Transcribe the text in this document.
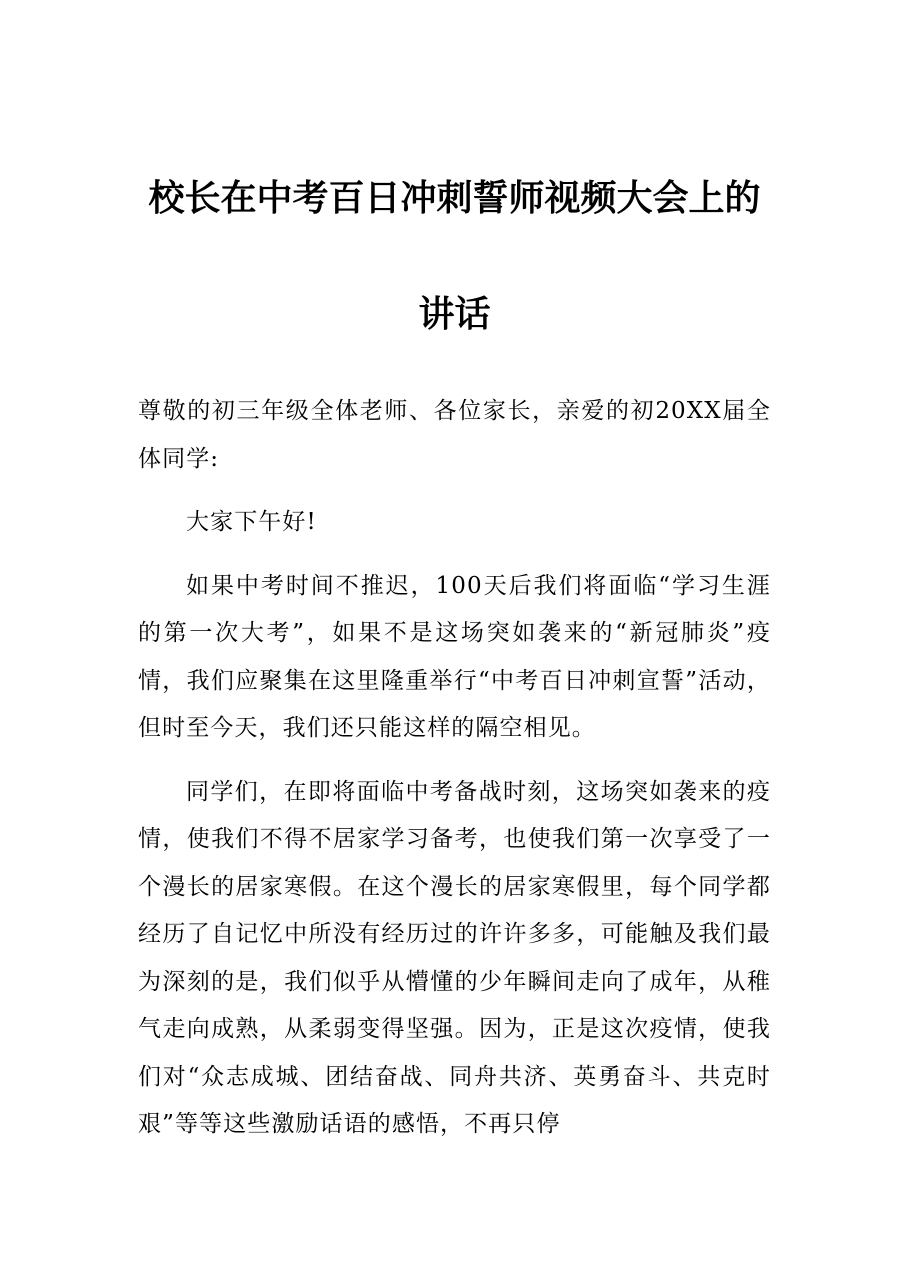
校长在中考百日冲刺誓师视频大会上的讲话

尊敬的初三年级全体老师、各位家长，亲爱的初20XX届全体同学:

大家下午好!

如果中考时间不推迟，100天后我们将面临“学习生涯的第一次大考”，如果不是这场突如袭来的“新冠肺炎”疫情，我们应聚集在这里隆重举行“中考百日冲刺宣誓”活动，但时至今天，我们还只能这样的隔空相见。

同学们，在即将面临中考备战时刻，这场突如袭来的疫情，使我们不得不居家学习备考，也使我们第一次享受了一个漫长的居家寒假。在这个漫长的居家寒假里，每个同学都经历了自记忆中所没有经历过的许许多多，可能触及我们最为深刻的是，我们似乎从懵懂的少年瞬间走向了成年，从稚气走向成熟，从柔弱变得坚强。因为，正是这次疫情，使我们对“众志成城、团结奋战、同舟共济、英勇奋斗、共克时艰”等等这些激励话语的感悟，不再只停
